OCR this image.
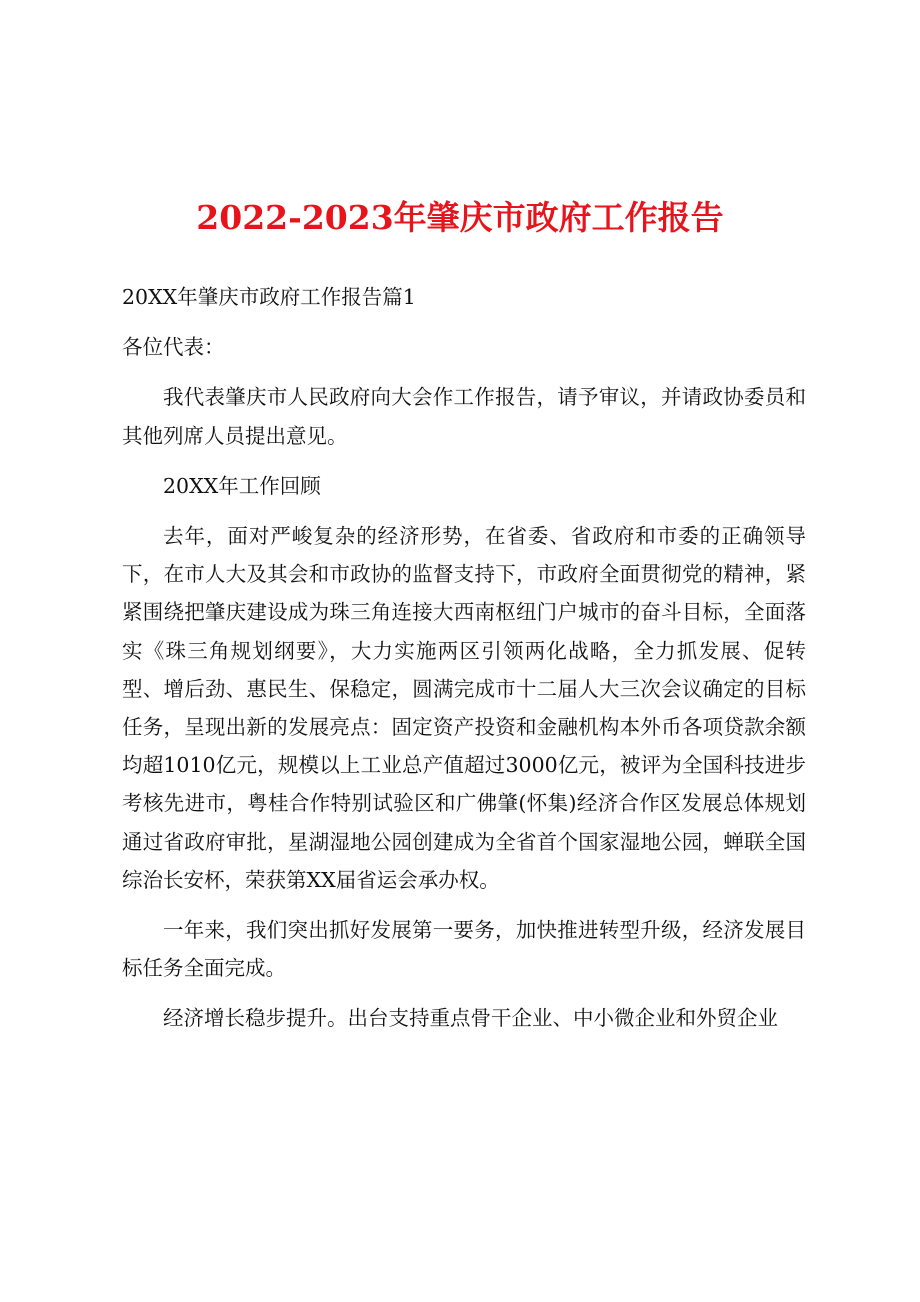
2022-2023年肇庆市政府工作报告

20XX年肇庆市政府工作报告篇1

各位代表：

我代表肇庆市人民政府向大会作工作报告，请予审议，并请政协委员和其他列席人员提出意见。

20XX年工作回顾

去年，面对严峻复杂的经济形势，在省委、省政府和市委的正确领导下，在市人大及其会和市政协的监督支持下，市政府全面贯彻党的精神，紧紧围绕把肇庆建设成为珠三角连接大西南枢纽门户城市的奋斗目标，全面落实《珠三角规划纲要》，大力实施两区引领两化战略，全力抓发展、促转型、增后劲、惠民生、保稳定，圆满完成市十二届人大三次会议确定的目标任务，呈现出新的发展亮点：固定资产投资和金融机构本外币各项贷款余额均超1010亿元，规模以上工业总产值超过3000亿元，被评为全国科技进步考核先进市，粤桂合作特别试验区和广佛肇(怀集)经济合作区发展总体规划通过省政府审批，星湖湿地公园创建成为全省首个国家湿地公园，蝉联全国综治长安杯，荣获第XX届省运会承办权。

一年来，我们突出抓好发展第一要务，加快推进转型升级，经济发展目标任务全面完成。

经济增长稳步提升。出台支持重点骨干企业、中小微企业和外贸企业
